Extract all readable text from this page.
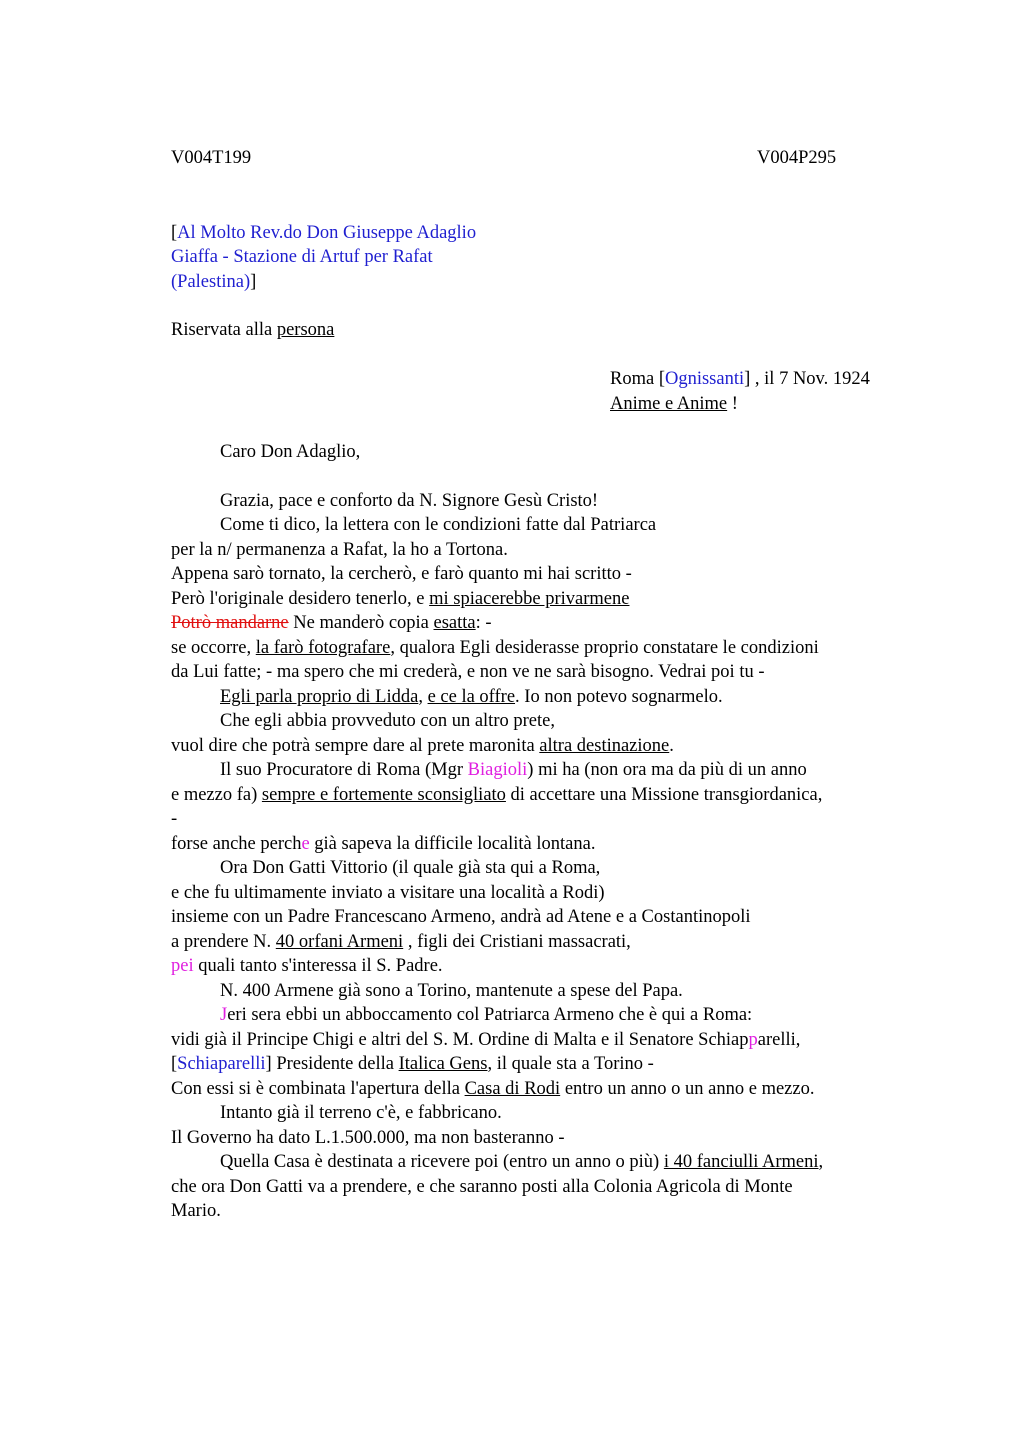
V004T199	V004P295
[Al Molto Rev.do Don Giuseppe Adaglio
Giaffa - Stazione di Artuf per Rafat
(Palestina)]
Riservata alla persona
Roma [Ognissanti] , il 7 Nov. 1924
Anime e Anime !
Caro Don Adaglio,
Grazia, pace e conforto da N. Signore Gesù Cristo!
Come ti dico, la lettera con le condizioni fatte dal Patriarca
per la n/ permanenza a Rafat, la ho a Tortona.
Appena sarò tornato, la cercherò, e farò quanto mi hai scritto -
Però l'originale desidero tenerlo, e mi spiacerebbe privarmene
Potrò mandarne Ne manderò copia esatta: -
se occorre, la farò fotografare, qualora Egli desiderasse proprio constatare le condizioni
da Lui fatte; - ma spero che mi crederà, e non ve ne sarà bisogno. Vedrai poi tu -
Egli parla proprio di Lidda, e ce la offre. Io non potevo sognarmelo.
Che egli abbia provveduto con un altro prete,
vuol dire che potrà sempre dare al prete maronita altra destinazione.
Il suo Procuratore di Roma (Mgr Biagioli) mi ha (non ora ma da più di un anno
e mezzo fa) sempre e fortemente sconsigliato di accettare una Missione transgiordanica,
-
forse anche perche già sapeva la difficile località lontana.
Ora Don Gatti Vittorio (il quale già sta qui a Roma,
e che fu ultimamente inviato a visitare una località a Rodi)
insieme con un Padre Francescano Armeno, andrà ad Atene e a Costantinopoli
a prendere N. 40 orfani Armeni , figli dei Cristiani massacrati,
pei quali tanto s'interessa il S. Padre.
N. 400 Armene già sono a Torino, mantenute a spese del Papa.
Jeri sera ebbi un abboccamento col Patriarca Armeno che è qui a Roma:
vidi già il Principe Chigi e altri del S. M. Ordine di Malta e il Senatore Schiapparelli,
[Schiaparelli] Presidente della Italica Gens, il quale sta a Torino -
Con essi si è combinata l'apertura della Casa di Rodi entro un anno o un anno e mezzo.
Intanto già il terreno c'è, e fabbricano.
Il Governo ha dato L.1.500.000, ma non basteranno -
Quella Casa è destinata a ricevere poi (entro un anno o più) i 40 fanciulli Armeni,
che ora Don Gatti va a prendere, e che saranno posti alla Colonia Agricola di Monte
Mario.
